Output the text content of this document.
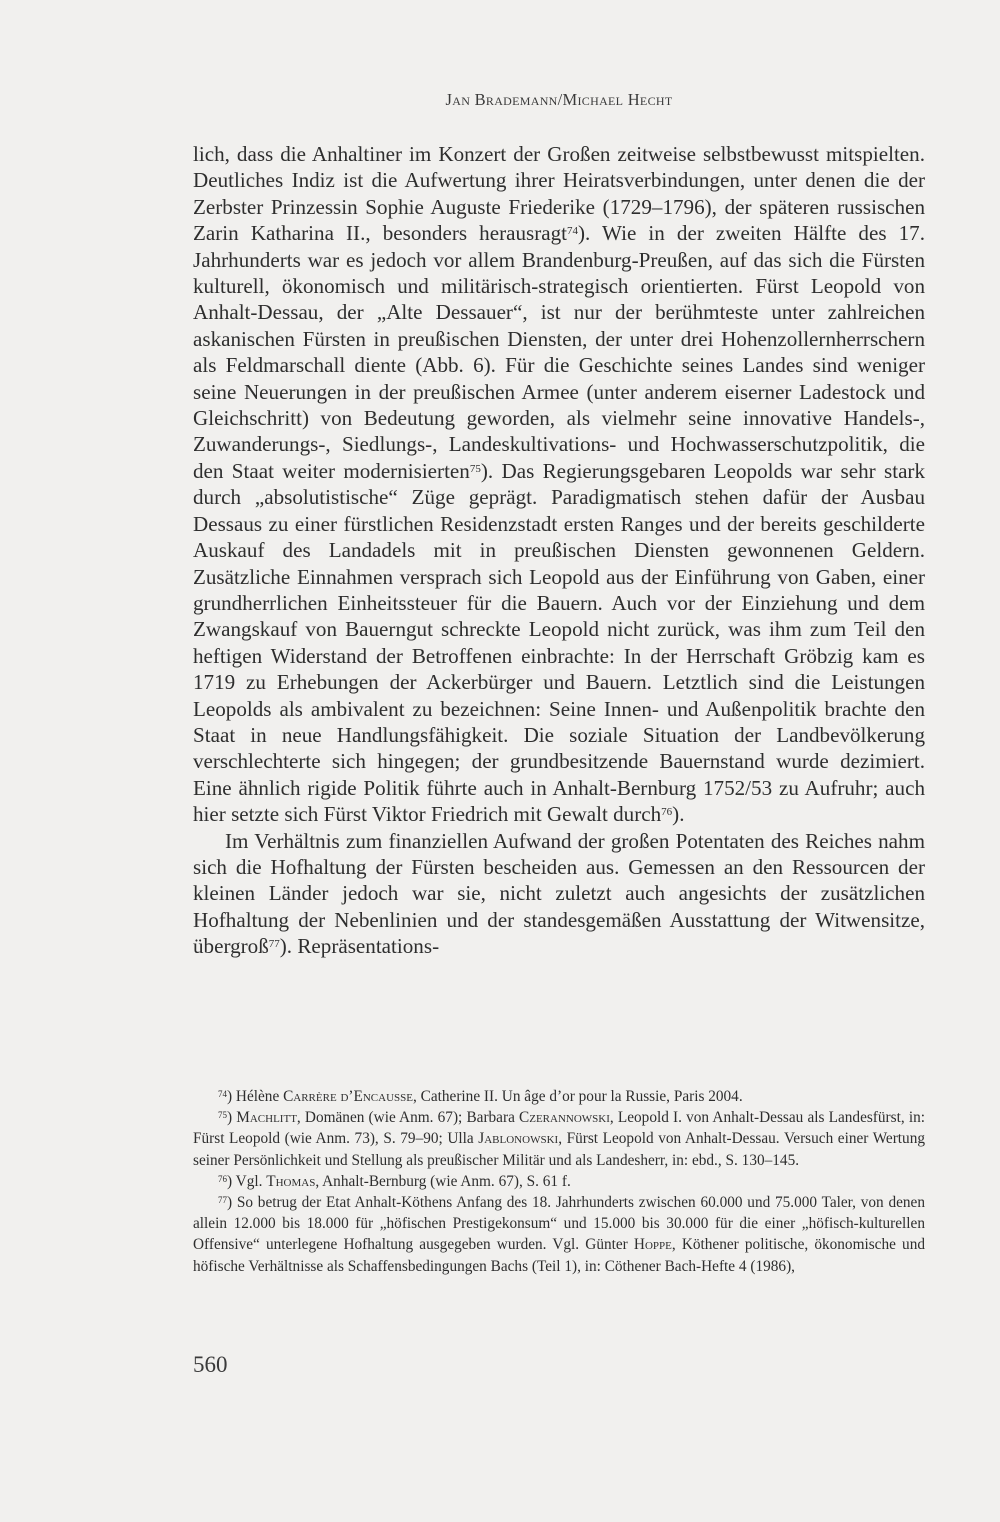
Jan Brademann/Michael Hecht

lich, dass die Anhaltiner im Konzert der Großen zeitweise selbstbewusst mitspielten. Deutliches Indiz ist die Aufwertung ihrer Heiratsverbindungen, unter denen die der Zerbster Prinzessin Sophie Auguste Friederike (1729–1796), der späteren russischen Zarin Katharina II., besonders herausragt$^{74}$). Wie in der zweiten Hälfte des 17. Jahrhunderts war es jedoch vor allem Brandenburg-Preußen, auf das sich die Fürsten kulturell, ökonomisch und militärisch-strategisch orientierten. Fürst Leopold von Anhalt-Dessau, der „Alte Dessauer“, ist nur der berühmteste unter zahlreichen askanischen Fürsten in preußischen Diensten, der unter drei Hohenzollernherrschern als Feldmarschall diente (Abb. 6). Für die Geschichte seines Landes sind weniger seine Neuerungen in der preußischen Armee (unter anderem eiserner Ladestock und Gleichschritt) von Bedeutung geworden, als vielmehr seine innovative Handels-, Zuwanderungs-, Siedlungs-, Landeskultivations- und Hochwasserschutzpolitik, die den Staat weiter modernisierten$^{75}$). Das Regierungsgebaren Leopolds war sehr stark durch „absolutistische“ Züge geprägt. Paradigmatisch stehen dafür der Ausbau Dessaus zu einer fürstlichen Residenzstadt ersten Ranges und der bereits geschilderte Auskauf des Landadels mit in preußischen Diensten gewonnenen Geldern. Zusätzliche Einnahmen versprach sich Leopold aus der Einführung von Gaben, einer grundherrlichen Einheitssteuer für die Bauern. Auch vor der Einziehung und dem Zwangskauf von Bauerngut schreckte Leopold nicht zurück, was ihm zum Teil den heftigen Widerstand der Betroffenen einbrachte: In der Herrschaft Gröbzig kam es 1719 zu Erhebungen der Ackerbürger und Bauern. Letztlich sind die Leistungen Leopolds als ambivalent zu bezeichnen: Seine Innen- und Außenpolitik brachte den Staat in neue Handlungsfähigkeit. Die soziale Situation der Landbevölkerung verschlechterte sich hingegen; der grundbesitzende Bauernstand wurde dezimiert. Eine ähnlich rigide Politik führte auch in Anhalt-Bernburg 1752/53 zu Aufruhr; auch hier setzte sich Fürst Viktor Friedrich mit Gewalt durch$^{76}$).

Im Verhältnis zum finanziellen Aufwand der großen Potentaten des Reiches nahm sich die Hofhaltung der Fürsten bescheiden aus. Gemessen an den Ressourcen der kleinen Länder jedoch war sie, nicht zuletzt auch angesichts der zusätzlichen Hofhaltung der Nebenlinien und der standesgemäßen Ausstattung der Witwensitze, übergroß$^{77}$). Repräsentations-

$^{74}$) Hélène Carrère d’Encausse, Catherine II. Un âge d’or pour la Russie, Paris 2004.

$^{75}$) Machlitt, Domänen (wie Anm. 67); Barbara Czerannowski, Leopold I. von Anhalt-Dessau als Landesfürst, in: Fürst Leopold (wie Anm. 73), S. 79–90; Ulla Jablonowski, Fürst Leopold von Anhalt-Dessau. Versuch einer Wertung seiner Persönlichkeit und Stellung als preußischer Militär und als Landesherr, in: ebd., S. 130–145.

$^{76}$) Vgl. Thomas, Anhalt-Bernburg (wie Anm. 67), S. 61 f.

$^{77}$) So betrug der Etat Anhalt-Köthens Anfang des 18. Jahrhunderts zwischen 60.000 und 75.000 Taler, von denen allein 12.000 bis 18.000 für „höfischen Prestigekonsum“ und 15.000 bis 30.000 für die einer „höfisch-kulturellen Offensive“ unterlegene Hofhaltung ausgegeben wurden. Vgl. Günter Hoppe, Köthener politische, ökonomische und höfische Verhältnisse als Schaffensbedingungen Bachs (Teil 1), in: Cöthener Bach-Hefte 4 (1986),

560
